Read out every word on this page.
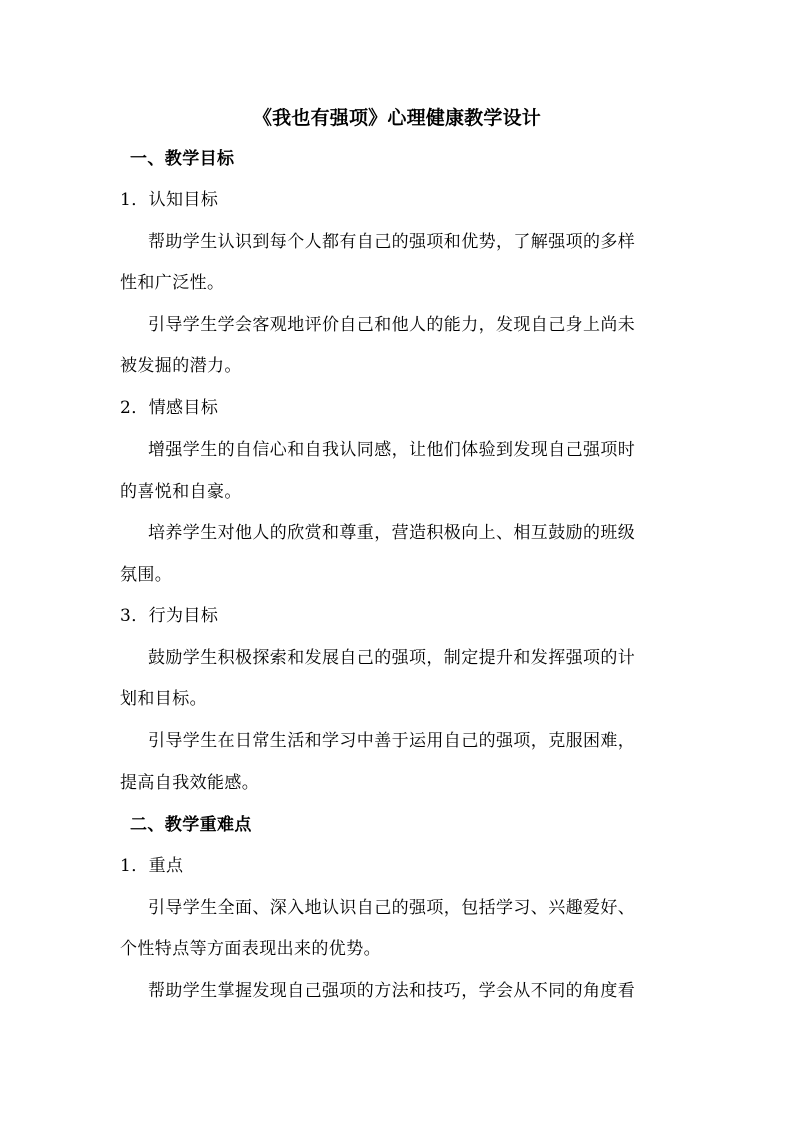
《我也有强项》心理健康教学设计
一、教学目标
1．认知目标
帮助学生认识到每个人都有自己的强项和优势，了解强项的多样
性和广泛性。
引导学生学会客观地评价自己和他人的能力，发现自己身上尚未
被发掘的潜力。
2．情感目标
增强学生的自信心和自我认同感，让他们体验到发现自己强项时
的喜悦和自豪。
培养学生对他人的欣赏和尊重，营造积极向上、相互鼓励的班级
氛围。
3．行为目标
鼓励学生积极探索和发展自己的强项，制定提升和发挥强项的计
划和目标。
引导学生在日常生活和学习中善于运用自己的强项，克服困难，
提高自我效能感。
二、教学重难点
1．重点
引导学生全面、深入地认识自己的强项，包括学习、兴趣爱好、
个性特点等方面表现出来的优势。
帮助学生掌握发现自己强项的方法和技巧，学会从不同的角度看
